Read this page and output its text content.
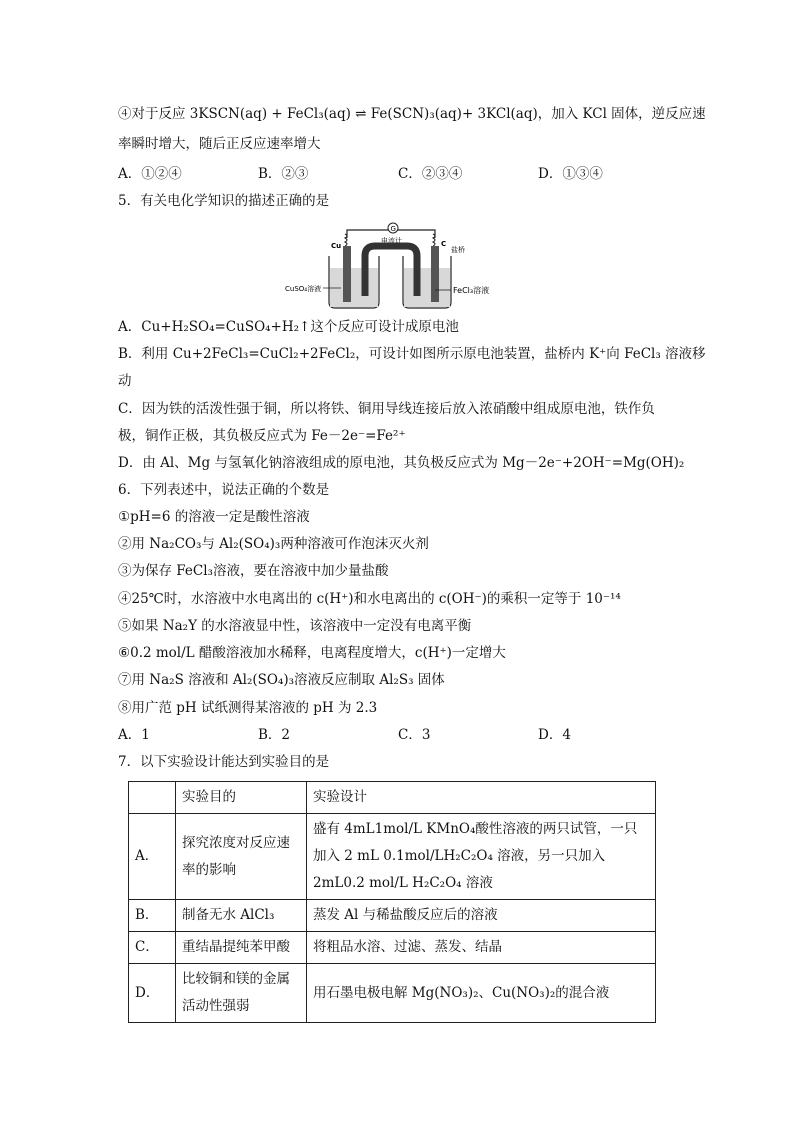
④对于反应 3KSCN(aq) + FeCl₃(aq) ⇌ Fe(SCN)₃(aq)+ 3KCl(aq)，加入 KCl 固体，逆反应速
率瞬时增大，随后正反应速率增大
A．①②④	B．②③	C．②③④	D．①③④
5．有关电化学知识的描述正确的是
G
电流计
Cu	C
盐桥
CuSO₄溶液	FeCl₃溶液
A．Cu+H₂SO₄=CuSO₄+H₂↑这个反应可设计成原电池
B．利用 Cu+2FeCl₃=CuCl₂+2FeCl₂，可设计如图所示原电池装置，盐桥内 K⁺向 FeCl₃ 溶液移
动
C．因为铁的活泼性强于铜，所以将铁、铜用导线连接后放入浓硝酸中组成原电池，铁作负
极，铜作正极，其负极反应式为 Fe－2e⁻=Fe²⁺
D．由 Al、Mg 与氢氧化钠溶液组成的原电池，其负极反应式为 Mg－2e⁻+2OH⁻=Mg(OH)₂
6．下列表述中，说法正确的个数是
①pH=6 的溶液一定是酸性溶液
②用 Na₂CO₃与 Al₂(SO₄)₃两种溶液可作泡沫灭火剂
③为保存 FeCl₃溶液，要在溶液中加少量盐酸
④25℃时，水溶液中水电离出的 c(H⁺)和水电离出的 c(OH⁻)的乘积一定等于 10⁻¹⁴
⑤如果 Na₂Y 的水溶液显中性，该溶液中一定没有电离平衡
⑥0.2 mol/L 醋酸溶液加水稀释，电离程度增大，c(H⁺)一定增大
⑦用 Na₂S 溶液和 Al₂(SO₄)₃溶液反应制取 Al₂S₃ 固体
⑧用广范 pH 试纸测得某溶液的 pH 为 2.3
A．1	B．2	C．3	D．4
7．以下实验设计能达到实验目的是
	实验目的	实验设计
A．	探究浓度对反应速率的影响	盛有 4mL1mol/L KMnO₄酸性溶液的两只试管，一只加入 2 mL 0.1mol/LH₂C₂O₄ 溶液，另一只加入 2mL0.2 mol/L H₂C₂O₄ 溶液
B．	制备无水 AlCl₃	蒸发 Al 与稀盐酸反应后的溶液
C．	重结晶提纯苯甲酸	将粗品水溶、过滤、蒸发、结晶
D．	比较铜和镁的金属活动性强弱	用石墨电极电解 Mg(NO₃)₂、Cu(NO₃)₂的混合液
